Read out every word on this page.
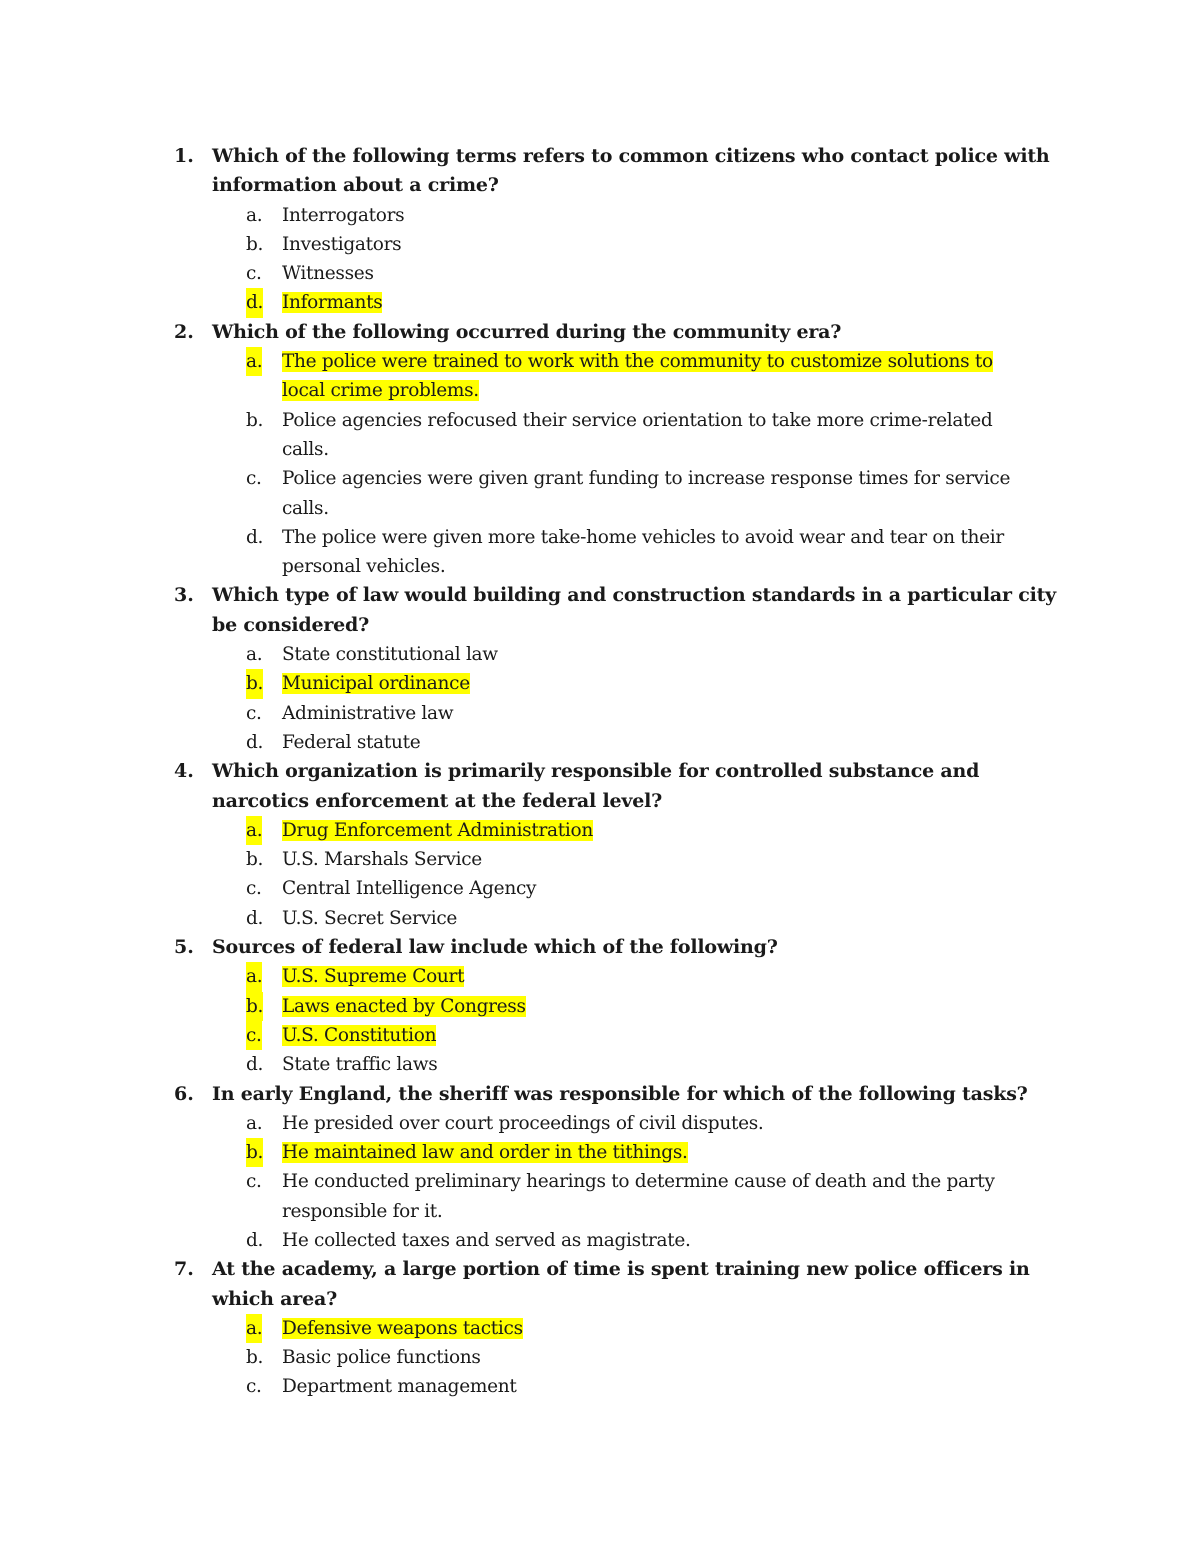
1. Which of the following terms refers to common citizens who contact police with information about a crime?
a. Interrogators
b. Investigators
c. Witnesses
d. Informants
2. Which of the following occurred during the community era?
a. The police were trained to work with the community to customize solutions to local crime problems.
b. Police agencies refocused their service orientation to take more crime-related calls.
c. Police agencies were given grant funding to increase response times for service calls.
d. The police were given more take-home vehicles to avoid wear and tear on their personal vehicles.
3. Which type of law would building and construction standards in a particular city be considered?
a. State constitutional law
b. Municipal ordinance
c. Administrative law
d. Federal statute
4. Which organization is primarily responsible for controlled substance and narcotics enforcement at the federal level?
a. Drug Enforcement Administration
b. U.S. Marshals Service
c. Central Intelligence Agency
d. U.S. Secret Service
5. Sources of federal law include which of the following?
a. U.S. Supreme Court
b. Laws enacted by Congress
c. U.S. Constitution
d. State traffic laws
6. In early England, the sheriff was responsible for which of the following tasks?
a. He presided over court proceedings of civil disputes.
b. He maintained law and order in the tithings.
c. He conducted preliminary hearings to determine cause of death and the party responsible for it.
d. He collected taxes and served as magistrate.
7. At the academy, a large portion of time is spent training new police officers in which area?
a. Defensive weapons tactics
b. Basic police functions
c. Department management
